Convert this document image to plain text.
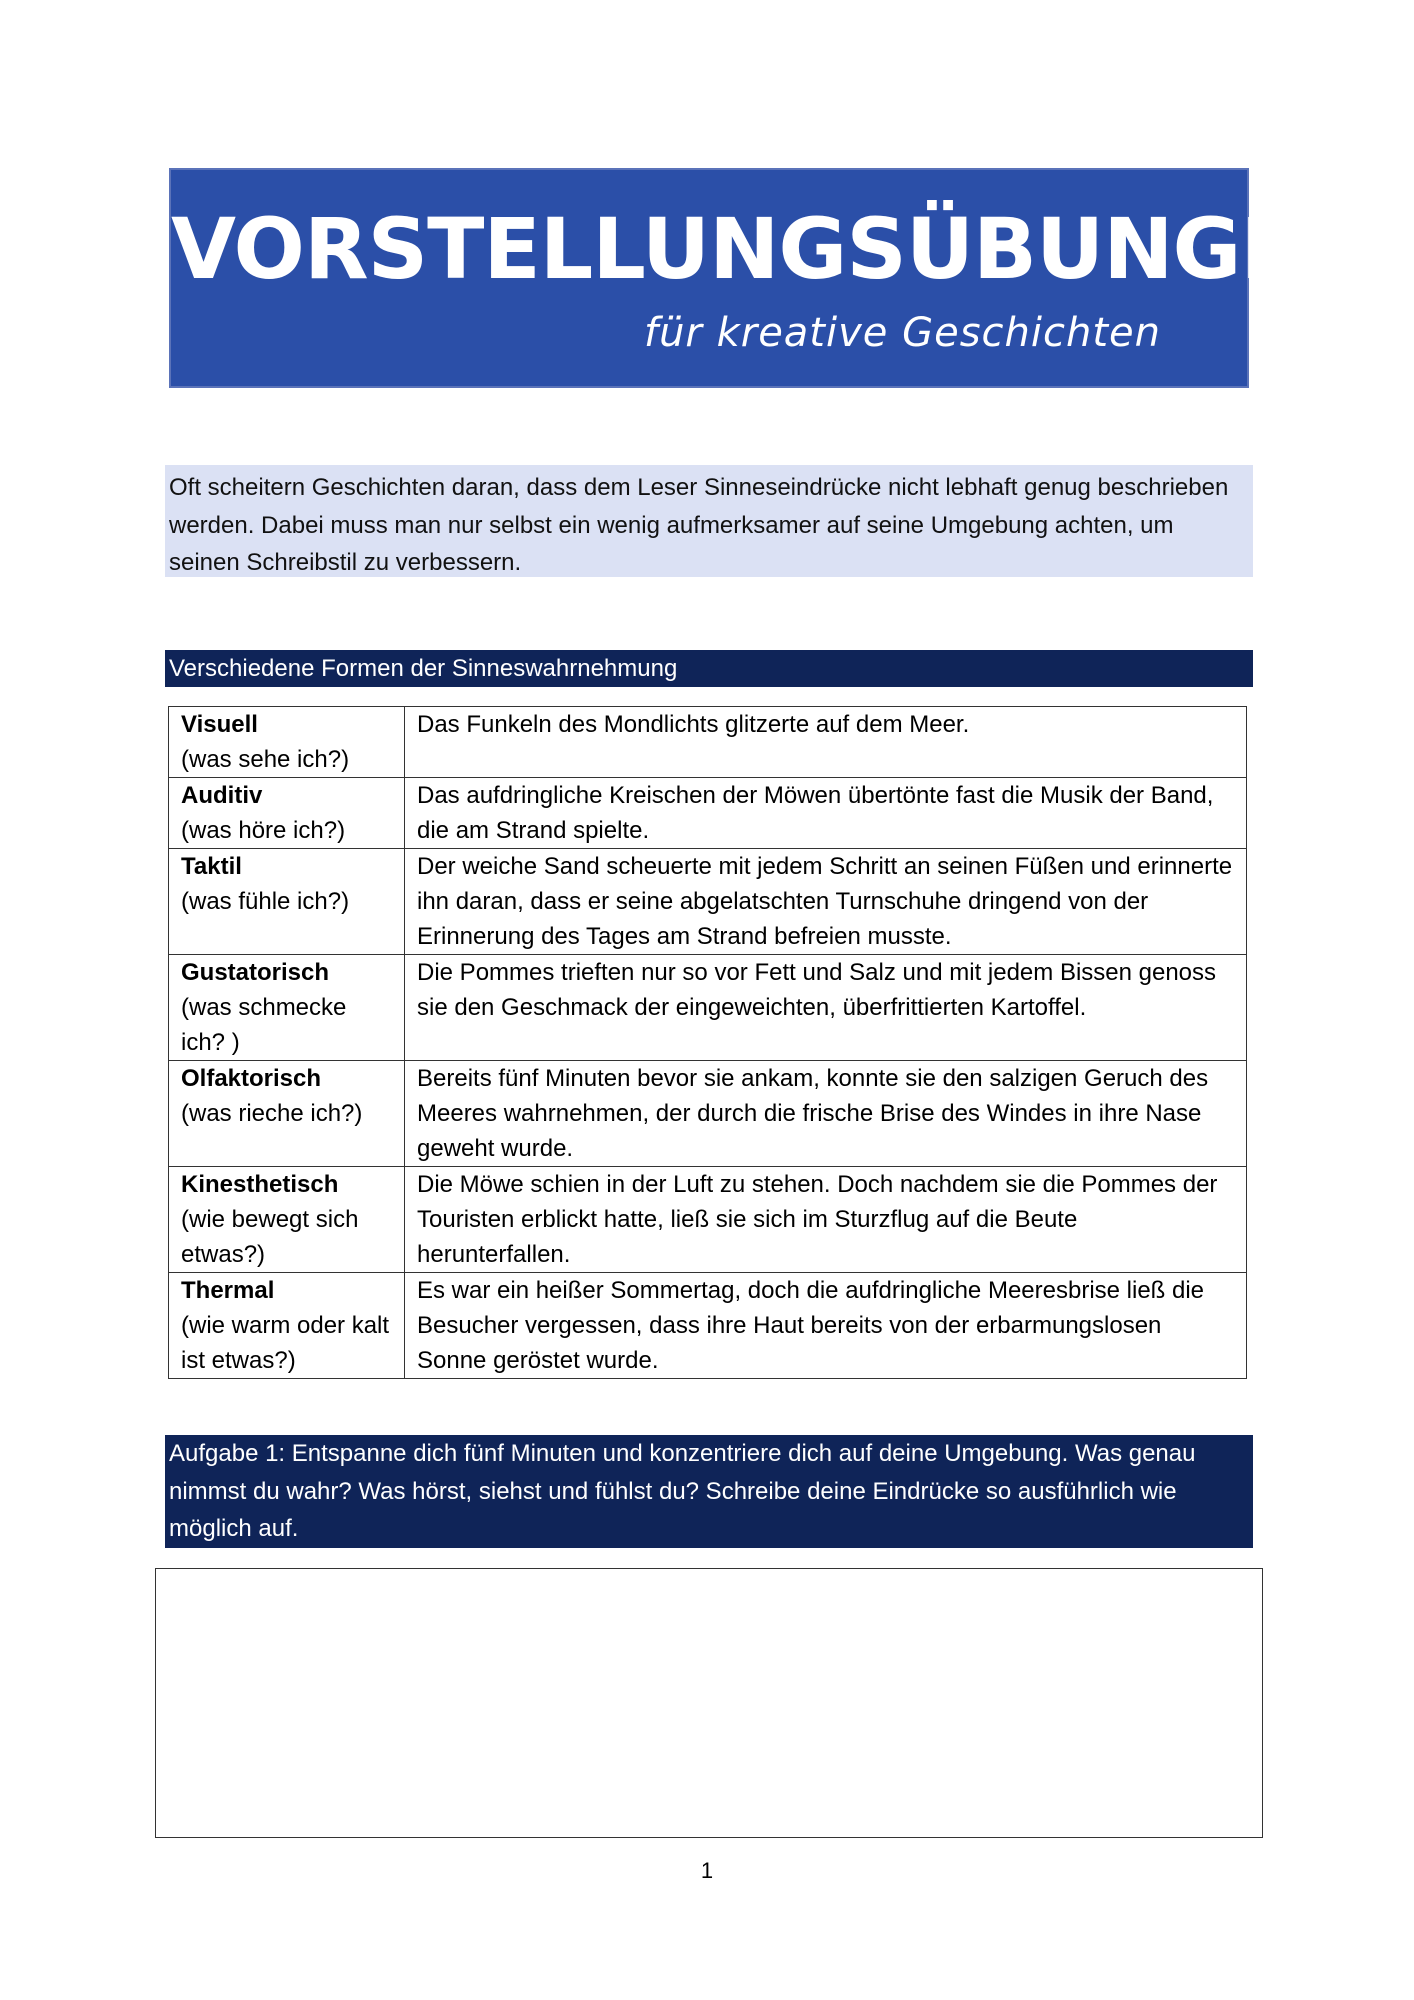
VORSTELLUNGSÜBUNGEN
für kreative Geschichten
Oft scheitern Geschichten daran, dass dem Leser Sinneseindrücke nicht lebhaft genug beschrieben werden. Dabei muss man nur selbst ein wenig aufmerksamer auf seine Umgebung achten, um seinen Schreibstil zu verbessern.
Verschiedene Formen der Sinneswahrnehmung
Visuell
(was sehe ich?)	Das Funkeln des Mondlichts glitzerte auf dem Meer.

Auditiv
(was höre ich?)	Das aufdringliche Kreischen der Möwen übertönte fast die Musik der Band, die am Strand spielte.

Taktil
(was fühle ich?)	Der weiche Sand scheuerte mit jedem Schritt an seinen Füßen und erinnerte ihn daran, dass er seine abgelatschten Turnschuhe dringend von der Erinnerung des Tages am Strand befreien musste.

Gustatorisch
(was schmecke ich? )	Die Pommes trieften nur so vor Fett und Salz und mit jedem Bissen genoss sie den Geschmack der eingeweichten, überfrittierten Kartoffel.

Olfaktorisch
(was rieche ich?)	Bereits fünf Minuten bevor sie ankam, konnte sie den salzigen Geruch des Meeres wahrnehmen, der durch die frische Brise des Windes in ihre Nase geweht wurde.

Kinesthetisch
(wie bewegt sich etwas?)	Die Möwe schien in der Luft zu stehen. Doch nachdem sie die Pommes der Touristen erblickt hatte, ließ sie sich im Sturzflug auf die Beute herunterfallen.

Thermal
(wie warm oder kalt ist etwas?)	Es war ein heißer Sommertag, doch die aufdringliche Meeresbrise ließ die Besucher vergessen, dass ihre Haut bereits von der erbarmungslosen Sonne geröstet wurde.
Aufgabe 1: Entspanne dich fünf Minuten und konzentriere dich auf deine Umgebung. Was genau nimmst du wahr? Was hörst, siehst und fühlst du? Schreibe deine Eindrücke so ausführlich wie möglich auf.
1
